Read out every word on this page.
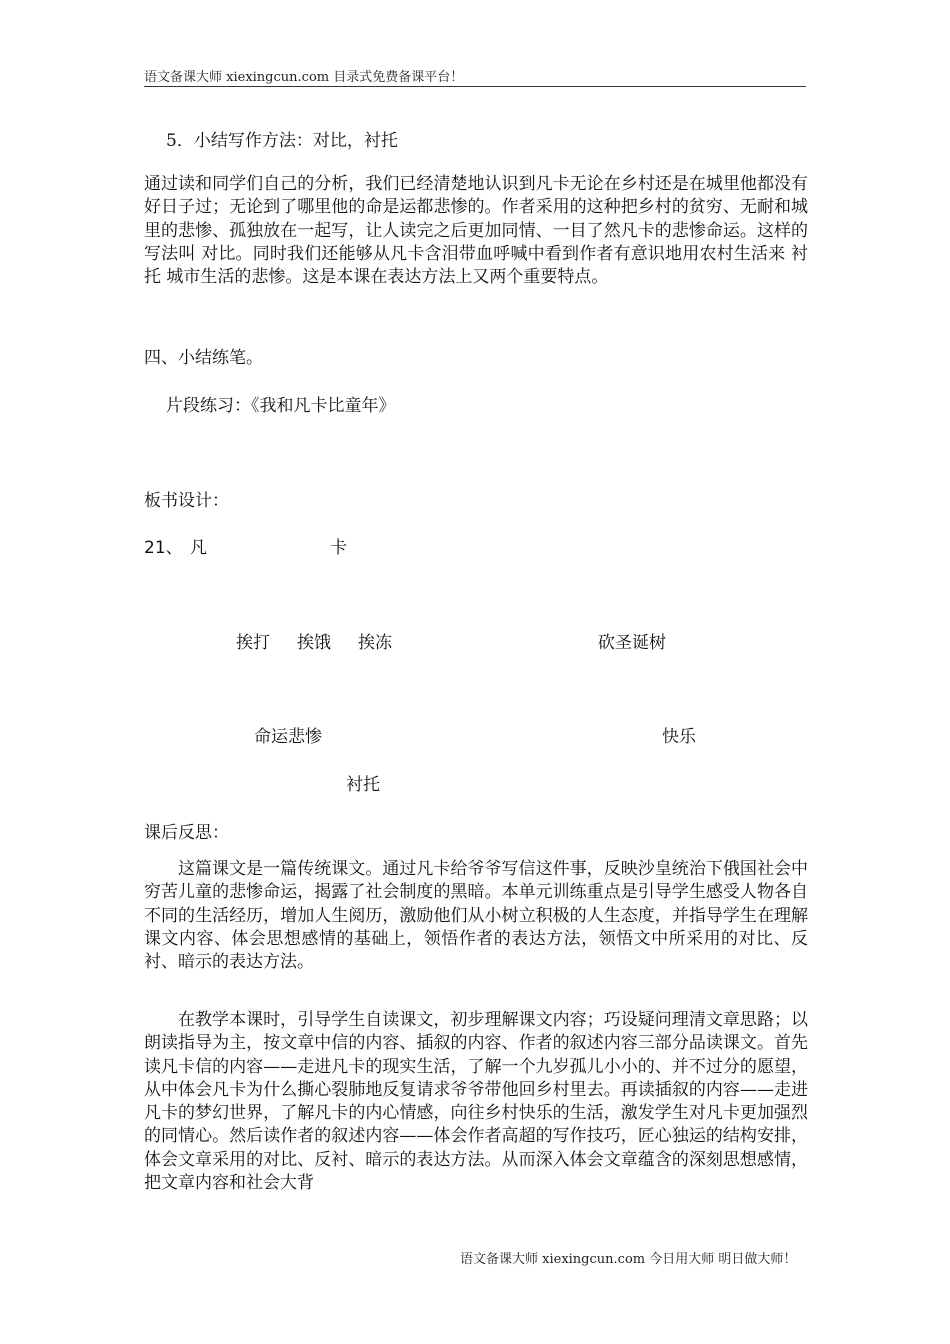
语文备课大师 xiexingcun.com 目录式免费备课平台！
5．小结写作方法：对比，衬托
通过读和同学们自己的分析，我们已经清楚地认识到凡卡无论在乡村还是在城里他都没有好日子过；无论到了哪里他的命是运都悲惨的。作者采用的这种把乡村的贫穷、无耐和城里的悲惨、孤独放在一起写，让人读完之后更加同情、一目了然凡卡的悲惨命运。这样的写法叫 对比。同时我们还能够从凡卡含泪带血呼喊中看到作者有意识地用农村生活来 衬托 城市生活的悲惨。这是本课在表达方法上又两个重要特点。
四、小结练笔。
片段练习：《我和凡卡比童年》
板书设计：
21、 凡	卡
挨打     挨饿     挨冻	砍圣诞树
命运悲惨	快乐
衬托
课后反思：
这篇课文是一篇传统课文。通过凡卡给爷爷写信这件事，反映沙皇统治下俄国社会中穷苦儿童的悲惨命运，揭露了社会制度的黑暗。本单元训练重点是引导学生感受人物各自不同的生活经历，增加人生阅历，激励他们从小树立积极的人生态度，并指导学生在理解课文内容、体会思想感情的基础上，领悟作者的表达方法，领悟文中所采用的对比、反衬、暗示的表达方法。
在教学本课时，引导学生自读课文，初步理解课文内容；巧设疑问理清文章思路；以朗读指导为主，按文章中信的内容、插叙的内容、作者的叙述内容三部分品读课文。首先读凡卡信的内容——走进凡卡的现实生活，了解一个九岁孤儿小小的、并不过分的愿望，从中体会凡卡为什么撕心裂肺地反复请求爷爷带他回乡村里去。再读插叙的内容——走进凡卡的梦幻世界，了解凡卡的内心情感，向往乡村快乐的生活，激发学生对凡卡更加强烈的同情心。然后读作者的叙述内容——体会作者高超的写作技巧，匠心独运的结构安排，体会文章采用的对比、反衬、暗示的表达方法。从而深入体会文章蕴含的深刻思想感情，把文章内容和社会大背
语文备课大师 xiexingcun.com 今日用大师 明日做大师！
